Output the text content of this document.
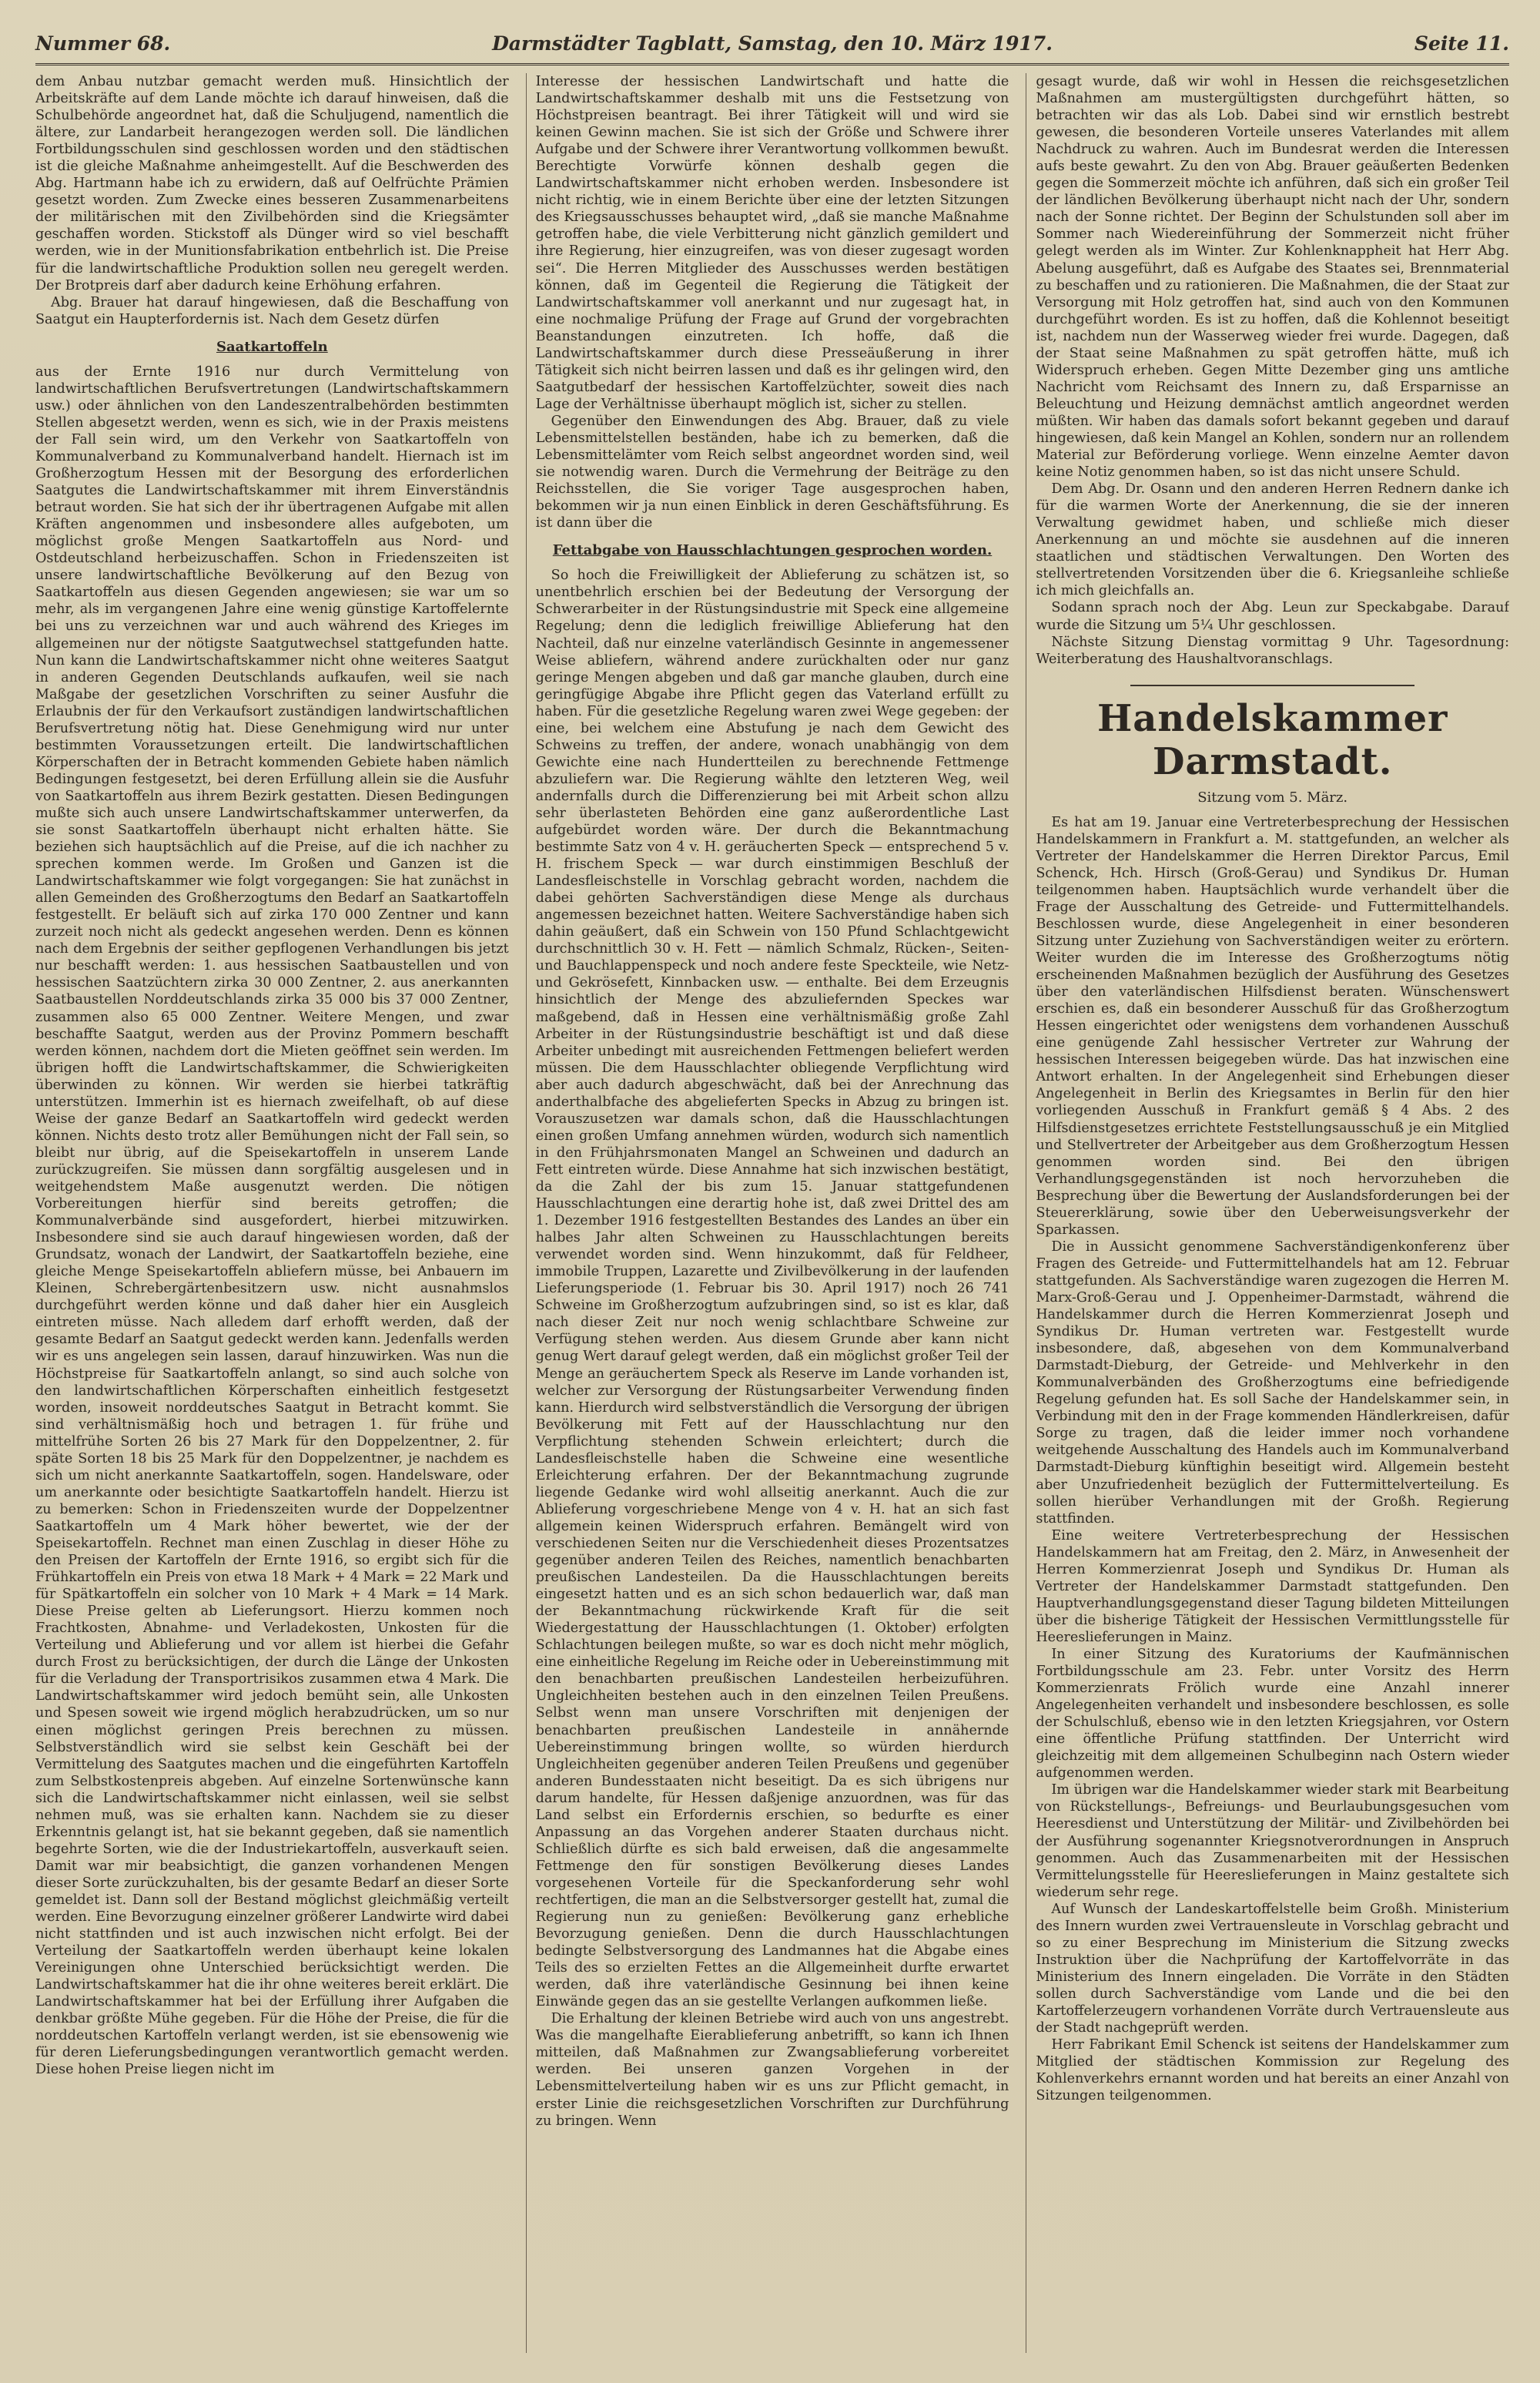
Nummer 68.	Darmstädter Tagblatt, Samstag, den 10. März 1917.	Seite 11.

dem Anbau nutzbar gemacht werden muß. Hinsichtlich der Arbeitskräfte auf dem Lande möchte ich darauf hinweisen, daß die Schulbehörde angeordnet hat, daß die Schuljugend, namentlich die ältere, zur Landarbeit herangezogen werden soll. Die ländlichen Fortbildungsschulen sind geschlossen worden und den städtischen ist die gleiche Maßnahme anheimgestellt. Auf die Beschwerden des Abg. Hartmann habe ich zu erwidern, daß auf Oelfrüchte Prämien gesetzt worden. Zum Zwecke eines besseren Zusammenarbeitens der militärischen mit den Zivilbehörden sind die Kriegsämter geschaffen worden. Stickstoff als Dünger wird so viel beschafft werden, wie in der Munitionsfabrikation entbehrlich ist. Die Preise für die landwirtschaftliche Produktion sollen neu geregelt werden. Der Brotpreis darf aber dadurch keine Erhöhung erfahren.

Abg. Brauer hat darauf hingewiesen, daß die Beschaffung von Saatgut ein Haupterfordernis ist. Nach dem Gesetz dürfen

Saatkartoffeln

aus der Ernte 1916 nur durch Vermittelung von landwirtschaftlichen Berufsvertretungen (Landwirtschaftskammern usw.) oder ähnlichen von den Landeszentralbehörden bestimmten Stellen abgesetzt werden, wenn es sich, wie in der Praxis meistens der Fall sein wird, um den Verkehr von Saatkartoffeln von Kommunalverband zu Kommunalverband handelt. Hiernach ist im Großherzogtum Hessen mit der Besorgung des erforderlichen Saatgutes die Landwirtschaftskammer mit ihrem Einverständnis betraut worden. Sie hat sich der ihr übertragenen Aufgabe mit allen Kräften angenommen und insbesondere alles aufgeboten, um möglichst große Mengen Saatkartoffeln aus Nord- und Ostdeutschland herbeizuschaffen. Schon in Friedenszeiten ist unsere landwirtschaftliche Bevölkerung auf den Bezug von Saatkartoffeln aus diesen Gegenden angewiesen; sie war um so mehr, als im vergangenen Jahre eine wenig günstige Kartoffelernte bei uns zu verzeichnen war und auch während des Krieges im allgemeinen nur der nötigste Saatgutwechsel stattgefunden hatte. Nun kann die Landwirtschaftskammer nicht ohne weiteres Saatgut in anderen Gegenden Deutschlands aufkaufen, weil sie nach Maßgabe der gesetzlichen Vorschriften zu seiner Ausfuhr die Erlaubnis der für den Verkaufsort zuständigen landwirtschaftlichen Berufsvertretung nötig hat. Diese Genehmigung wird nur unter bestimmten Voraussetzungen erteilt. Die landwirtschaftlichen Körperschaften der in Betracht kommenden Gebiete haben nämlich Bedingungen festgesetzt, bei deren Erfüllung allein sie die Ausfuhr von Saatkartoffeln aus ihrem Bezirk gestatten. Diesen Bedingungen mußte sich auch unsere Landwirtschaftskammer unterwerfen, da sie sonst Saatkartoffeln überhaupt nicht erhalten hätte. Sie beziehen sich hauptsächlich auf die Preise, auf die ich nachher zu sprechen kommen werde. Im Großen und Ganzen ist die Landwirtschaftskammer wie folgt vorgegangen: Sie hat zunächst in allen Gemeinden des Großherzogtums den Bedarf an Saatkartoffeln festgestellt. Er beläuft sich auf zirka 170 000 Zentner und kann zurzeit noch nicht als gedeckt angesehen werden. Denn es können nach dem Ergebnis der seither gepflogenen Verhandlungen bis jetzt nur beschafft werden: 1. aus hessischen Saatbaustellen und von hessischen Saatzüchtern zirka 30 000 Zentner, 2. aus anerkannten Saatbaustellen Norddeutschlands zirka 35 000 bis 37 000 Zentner, zusammen also 65 000 Zentner. Weitere Mengen, und zwar beschaffte Saatgut, werden aus der Provinz Pommern beschafft werden können, nachdem dort die Mieten geöffnet sein werden. Im übrigen hofft die Landwirtschaftskammer, die Schwierigkeiten überwinden zu können. Wir werden sie hierbei tatkräftig unterstützen. Immerhin ist es hiernach zweifelhaft, ob auf diese Weise der ganze Bedarf an Saatkartoffeln wird gedeckt werden können. Nichts desto trotz aller Bemühungen nicht der Fall sein, so bleibt nur übrig, auf die Speisekartoffeln in unserem Lande zurückzugreifen. Sie müssen dann sorgfältig ausgelesen und in weitgehendstem Maße ausgenutzt werden. Die nötigen Vorbereitungen hierfür sind bereits getroffen; die Kommunalverbände sind ausgefordert, hierbei mitzuwirken. Insbesondere sind sie auch darauf hingewiesen worden, daß der Grundsatz, wonach der Landwirt, der Saatkartoffeln beziehe, eine gleiche Menge Speisekartoffeln abliefern müsse, bei Anbauern im Kleinen, Schrebergärtenbesitzern usw. nicht ausnahmslos durchgeführt werden könne und daß daher hier ein Ausgleich eintreten müsse. Nach alledem darf erhofft werden, daß der gesamte Bedarf an Saatgut gedeckt werden kann. Jedenfalls werden wir es uns angelegen sein lassen, darauf hinzuwirken. Was nun die Höchstpreise für Saatkartoffeln anlangt, so sind auch solche von den landwirtschaftlichen Körperschaften einheitlich festgesetzt worden, insoweit norddeutsches Saatgut in Betracht kommt. Sie sind verhältnismäßig hoch und betragen 1. für frühe und mittelfrühe Sorten 26 bis 27 Mark für den Doppelzentner, 2. für späte Sorten 18 bis 25 Mark für den Doppelzentner, je nachdem es sich um nicht anerkannte Saatkartoffeln, sogen. Handelsware, oder um anerkannte oder besichtigte Saatkartoffeln handelt. Hierzu ist zu bemerken: Schon in Friedenszeiten wurde der Doppelzentner Saatkartoffeln um 4 Mark höher bewertet, wie der der Speisekartoffeln. Rechnet man einen Zuschlag in dieser Höhe zu den Preisen der Kartoffeln der Ernte 1916, so ergibt sich für die Frühkartoffeln ein Preis von etwa 18 Mark + 4 Mark = 22 Mark und für Spätkartoffeln ein solcher von 10 Mark + 4 Mark = 14 Mark. Diese Preise gelten ab Lieferungsort. Hierzu kommen noch Frachtkosten, Abnahme- und Verladekosten, Unkosten für die Verteilung und Ablieferung und vor allem ist hierbei die Gefahr durch Frost zu berücksichtigen, der durch die Länge der Unkosten für die Verladung der Transportrisikos zusammen etwa 4 Mark. Die Landwirtschaftskammer wird jedoch bemüht sein, alle Unkosten und Spesen soweit wie irgend möglich herabzudrücken, um so nur einen möglichst geringen Preis berechnen zu müssen. Selbstverständlich wird sie selbst kein Geschäft bei der Vermittelung des Saatgutes machen und die eingeführten Kartoffeln zum Selbstkostenpreis abgeben. Auf einzelne Sortenwünsche kann sich die Landwirtschaftskammer nicht einlassen, weil sie selbst nehmen muß, was sie erhalten kann. Nachdem sie zu dieser Erkenntnis gelangt ist, hat sie bekannt gegeben, daß sie namentlich begehrte Sorten, wie die der Industriekartoffeln, ausverkauft seien. Damit war mir beabsichtigt, die ganzen vorhandenen Mengen dieser Sorte zurückzuhalten, bis der gesamte Bedarf an dieser Sorte gemeldet ist. Dann soll der Bestand möglichst gleichmäßig verteilt werden. Eine Bevorzugung einzelner größerer Landwirte wird dabei nicht stattfinden und ist auch inzwischen nicht erfolgt. Bei der Verteilung der Saatkartoffeln werden überhaupt keine lokalen Vereinigungen ohne Unterschied berücksichtigt werden. Die Landwirtschaftskammer hat die ihr ohne weiteres bereit erklärt. Die Landwirtschaftskammer hat bei der Erfüllung ihrer Aufgaben die denkbar größte Mühe gegeben. Für die Höhe der Preise, die für die norddeutschen Kartoffeln verlangt werden, ist sie ebensowenig wie für deren Lieferungsbedingungen verantwortlich gemacht werden. Diese hohen Preise liegen nicht im

Interesse der hessischen Landwirtschaft und hatte die Landwirtschaftskammer deshalb mit uns die Festsetzung von Höchstpreisen beantragt. Bei ihrer Tätigkeit will und wird sie keinen Gewinn machen. Sie ist sich der Größe und Schwere ihrer Aufgabe und der Schwere ihrer Verantwortung vollkommen bewußt. Berechtigte Vorwürfe können deshalb gegen die Landwirtschaftskammer nicht erhoben werden. Insbesondere ist nicht richtig, wie in einem Berichte über eine der letzten Sitzungen des Kriegsausschusses behauptet wird, „daß sie manche Maßnahme getroffen habe, die viele Verbitterung nicht gänzlich gemildert und ihre Regierung, hier einzugreifen, was von dieser zugesagt worden sei“. Die Herren Mitglieder des Ausschusses werden bestätigen können, daß im Gegenteil die Regierung die Tätigkeit der Landwirtschaftskammer voll anerkannt und nur zugesagt hat, in eine nochmalige Prüfung der Frage auf Grund der vorgebrachten Beanstandungen einzutreten. Ich hoffe, daß die Landwirtschaftskammer durch diese Presseäußerung in ihrer Tätigkeit sich nicht beirren lassen und daß es ihr gelingen wird, den Saatgutbedarf der hessischen Kartoffelzüchter, soweit dies nach Lage der Verhältnisse überhaupt möglich ist, sicher zu stellen.

Gegenüber den Einwendungen des Abg. Brauer, daß zu viele Lebensmittelstellen beständen, habe ich zu bemerken, daß die Lebensmittelämter vom Reich selbst angeordnet worden sind, weil sie notwendig waren. Durch die Vermehrung der Beiträge zu den Reichsstellen, die Sie voriger Tage ausgesprochen haben, bekommen wir ja nun einen Einblick in deren Geschäftsführung. Es ist dann über die

Fettabgabe von Hausschlachtungen gesprochen worden.

So hoch die Freiwilligkeit der Ablieferung zu schätzen ist, so unentbehrlich erschien bei der Bedeutung der Versorgung der Schwerarbeiter in der Rüstungsindustrie mit Speck eine allgemeine Regelung; denn die lediglich freiwillige Ablieferung hat den Nachteil, daß nur einzelne vaterländisch Gesinnte in angemessener Weise abliefern, während andere zurückhalten oder nur ganz geringe Mengen abgeben und daß gar manche glauben, durch eine geringfügige Abgabe ihre Pflicht gegen das Vaterland erfüllt zu haben. Für die gesetzliche Regelung waren zwei Wege gegeben: der eine, bei welchem eine Abstufung je nach dem Gewicht des Schweins zu treffen, der andere, wonach unabhängig von dem Gewichte eine nach Hundertteilen zu berechnende Fettmenge abzuliefern war. Die Regierung wählte den letzteren Weg, weil andernfalls durch die Differenzierung bei mit Arbeit schon allzu sehr überlasteten Behörden eine ganz außerordentliche Last aufgebürdet worden wäre. Der durch die Bekanntmachung bestimmte Satz von 4 v. H. geräucherten Speck — entsprechend 5 v. H. frischem Speck — war durch einstimmigen Beschluß der Landesfleischstelle in Vorschlag gebracht worden, nachdem die dabei gehörten Sachverständigen diese Menge als durchaus angemessen bezeichnet hatten. Weitere Sachverständige haben sich dahin geäußert, daß ein Schwein von 150 Pfund Schlachtgewicht durchschnittlich 30 v. H. Fett — nämlich Schmalz, Rücken-, Seiten- und Bauchlappenspeck und noch andere feste Speckteile, wie Netz- und Gekrösefett, Kinnbacken usw. — enthalte. Bei dem Erzeugnis hinsichtlich der Menge des abzuliefernden Speckes war maßgebend, daß in Hessen eine verhältnismäßig große Zahl Arbeiter in der Rüstungsindustrie beschäftigt ist und daß diese Arbeiter unbedingt mit ausreichenden Fettmengen beliefert werden müssen. Die dem Hausschlachter obliegende Verpflichtung wird aber auch dadurch abgeschwächt, daß bei der Anrechnung das anderthalbfache des abgelieferten Specks in Abzug zu bringen ist. Vorauszusetzen war damals schon, daß die Hausschlachtungen einen großen Umfang annehmen würden, wodurch sich namentlich in den Frühjahrsmonaten Mangel an Schweinen und dadurch an Fett eintreten würde. Diese Annahme hat sich inzwischen bestätigt, da die Zahl der bis zum 15. Januar stattgefundenen Hausschlachtungen eine derartig hohe ist, daß zwei Drittel des am 1. Dezember 1916 festgestellten Bestandes des Landes an über ein halbes Jahr alten Schweinen zu Hausschlachtungen bereits verwendet worden sind. Wenn hinzukommt, daß für Feldheer, immobile Truppen, Lazarette und Zivilbevölkerung in der laufenden Lieferungsperiode (1. Februar bis 30. April 1917) noch 26 741 Schweine im Großherzogtum aufzubringen sind, so ist es klar, daß nach dieser Zeit nur noch wenig schlachtbare Schweine zur Verfügung stehen werden. Aus diesem Grunde aber kann nicht genug Wert darauf gelegt werden, daß ein möglichst großer Teil der Menge an geräuchertem Speck als Reserve im Lande vorhanden ist, welcher zur Versorgung der Rüstungsarbeiter Verwendung finden kann. Hierdurch wird selbstverständlich die Versorgung der übrigen Bevölkerung mit Fett auf der Hausschlachtung nur den Verpflichtung stehenden Schwein erleichtert; durch die Landesfleischstelle haben die Schweine eine wesentliche Erleichterung erfahren. Der der Bekanntmachung zugrunde liegende Gedanke wird wohl allseitig anerkannt. Auch die zur Ablieferung vorgeschriebene Menge von 4 v. H. hat an sich fast allgemein keinen Widerspruch erfahren. Bemängelt wird von verschiedenen Seiten nur die Verschiedenheit dieses Prozentsatzes gegenüber anderen Teilen des Reiches, namentlich benachbarten preußischen Landesteilen. Da die Hausschlachtungen bereits eingesetzt hatten und es an sich schon bedauerlich war, daß man der Bekanntmachung rückwirkende Kraft für die seit Wiedergestattung der Hausschlachtungen (1. Oktober) erfolgten Schlachtungen beilegen mußte, so war es doch nicht mehr möglich, eine einheitliche Regelung im Reiche oder in Uebereinstimmung mit den benachbarten preußischen Landesteilen herbeizuführen. Ungleichheiten bestehen auch in den einzelnen Teilen Preußens. Selbst wenn man unsere Vorschriften mit denjenigen der benachbarten preußischen Landesteile in annähernde Uebereinstimmung bringen wollte, so würden hierdurch Ungleichheiten gegenüber anderen Teilen Preußens und gegenüber anderen Bundesstaaten nicht beseitigt. Da es sich übrigens nur darum handelte, für Hessen daßjenige anzuordnen, was für das Land selbst ein Erfordernis erschien, so bedurfte es einer Anpassung an das Vorgehen anderer Staaten durchaus nicht. Schließlich dürfte es sich bald erweisen, daß die angesammelte Fettmenge den für sonstigen Bevölkerung dieses Landes vorgesehenen Vorteile für die Speckanforderung sehr wohl rechtfertigen, die man an die Selbstversorger gestellt hat, zumal die Regierung nun zu genießen: Bevölkerung ganz erhebliche Bevorzugung genießen. Denn die durch Hausschlachtungen bedingte Selbstversorgung des Landmannes hat die Abgabe eines Teils des so erzielten Fettes an die Allgemeinheit durfte erwartet werden, daß ihre vaterländische Gesinnung bei ihnen keine Einwände gegen das an sie gestellte Verlangen aufkommen ließe.

Die Erhaltung der kleinen Betriebe wird auch von uns angestrebt. Was die mangelhafte Eierablieferung anbetrifft, so kann ich Ihnen mitteilen, daß Maßnahmen zur Zwangsablieferung vorbereitet werden. Bei unseren ganzen Vorgehen in der Lebensmittelverteilung haben wir es uns zur Pflicht gemacht, in erster Linie die reichsgesetzlichen Vorschriften zur Durchführung zu bringen. Wenn

gesagt wurde, daß wir wohl in Hessen die reichsgesetzlichen Maßnahmen am mustergültigsten durchgeführt hätten, so betrachten wir das als Lob. Dabei sind wir ernstlich bestrebt gewesen, die besonderen Vorteile unseres Vaterlandes mit allem Nachdruck zu wahren. Auch im Bundesrat werden die Interessen aufs beste gewahrt. Zu den von Abg. Brauer geäußerten Bedenken gegen die Sommerzeit möchte ich anführen, daß sich ein großer Teil der ländlichen Bevölkerung überhaupt nicht nach der Uhr, sondern nach der Sonne richtet. Der Beginn der Schulstunden soll aber im Sommer nach Wiedereinführung der Sommerzeit nicht früher gelegt werden als im Winter. Zur Kohlenknappheit hat Herr Abg. Abelung ausgeführt, daß es Aufgabe des Staates sei, Brennmaterial zu beschaffen und zu rationieren. Die Maßnahmen, die der Staat zur Versorgung mit Holz getroffen hat, sind auch von den Kommunen durchgeführt worden. Es ist zu hoffen, daß die Kohlennot beseitigt ist, nachdem nun der Wasserweg wieder frei wurde. Dagegen, daß der Staat seine Maßnahmen zu spät getroffen hätte, muß ich Widerspruch erheben. Gegen Mitte Dezember ging uns amtliche Nachricht vom Reichsamt des Innern zu, daß Ersparnisse an Beleuchtung und Heizung demnächst amtlich angeordnet werden müßten. Wir haben das damals sofort bekannt gegeben und darauf hingewiesen, daß kein Mangel an Kohlen, sondern nur an rollendem Material zur Beförderung vorliege. Wenn einzelne Aemter davon keine Notiz genommen haben, so ist das nicht unsere Schuld.

Dem Abg. Dr. Osann und den anderen Herren Rednern danke ich für die warmen Worte der Anerkennung, die sie der inneren Verwaltung gewidmet haben, und schließe mich dieser Anerkennung an und möchte sie ausdehnen auf die inneren staatlichen und städtischen Verwaltungen. Den Worten des stellvertretenden Vorsitzenden über die 6. Kriegsanleihe schließe ich mich gleichfalls an.

Sodann sprach noch der Abg. Leun zur Speckabgabe. Darauf wurde die Sitzung um 5¼ Uhr geschlossen.

Nächste Sitzung Dienstag vormittag 9 Uhr. Tagesordnung: Weiterberatung des Haushaltvoranschlags.

Handelskammer Darmstadt.
Sitzung vom 5. März.

Es hat am 19. Januar eine Vertreterbesprechung der Hessischen Handelskammern in Frankfurt a. M. stattgefunden, an welcher als Vertreter der Handelskammer die Herren Direktor Parcus, Emil Schenck, Hch. Hirsch (Groß-Gerau) und Syndikus Dr. Human teilgenommen haben. Hauptsächlich wurde verhandelt über die Frage der Ausschaltung des Getreide- und Futtermittelhandels. Beschlossen wurde, diese Angelegenheit in einer besonderen Sitzung unter Zuziehung von Sachverständigen weiter zu erörtern. Weiter wurden die im Interesse des Großherzogtums nötig erscheinenden Maßnahmen bezüglich der Ausführung des Gesetzes über den vaterländischen Hilfsdienst beraten. Wünschenswert erschien es, daß ein besonderer Ausschuß für das Großherzogtum Hessen eingerichtet oder wenigstens dem vorhandenen Ausschuß eine genügende Zahl hessischer Vertreter zur Wahrung der hessischen Interessen beigegeben würde. Das hat inzwischen eine Antwort erhalten. In der Angelegenheit sind Erhebungen dieser Angelegenheit in Berlin des Kriegsamtes in Berlin für den hier vorliegenden Ausschuß in Frankfurt gemäß § 4 Abs. 2 des Hilfsdienstgesetzes errichtete Feststellungsausschuß je ein Mitglied und Stellvertreter der Arbeitgeber aus dem Großherzogtum Hessen genommen worden sind. Bei den übrigen Verhandlungsgegenständen ist noch hervorzuheben die Besprechung über die Bewertung der Auslandsforderungen bei der Steuererklärung, sowie über den Ueberweisungsverkehr der Sparkassen.

Die in Aussicht genommene Sachverständigenkonferenz über Fragen des Getreide- und Futtermittelhandels hat am 12. Februar stattgefunden. Als Sachverständige waren zugezogen die Herren M. Marx-Groß-Gerau und J. Oppenheimer-Darmstadt, während die Handelskammer durch die Herren Kommerzienrat Joseph und Syndikus Dr. Human vertreten war. Festgestellt wurde insbesondere, daß, abgesehen von dem Kommunalverband Darmstadt-Dieburg, der Getreide- und Mehlverkehr in den Kommunalverbänden des Großherzogtums eine befriedigende Regelung gefunden hat. Es soll Sache der Handelskammer sein, in Verbindung mit den in der Frage kommenden Händlerkreisen, dafür Sorge zu tragen, daß die leider immer noch vorhandene weitgehende Ausschaltung des Handels auch im Kommunalverband Darmstadt-Dieburg künftighin beseitigt wird. Allgemein besteht aber Unzufriedenheit bezüglich der Futtermittelverteilung. Es sollen hierüber Verhandlungen mit der Großh. Regierung stattfinden.

Eine weitere Vertreterbesprechung der Hessischen Handelskammern hat am Freitag, den 2. März, in Anwesenheit der Herren Kommerzienrat Joseph und Syndikus Dr. Human als Vertreter der Handelskammer Darmstadt stattgefunden. Den Hauptverhandlungsgegenstand dieser Tagung bildeten Mitteilungen über die bisherige Tätigkeit der Hessischen Vermittlungsstelle für Heereslieferungen in Mainz.

In einer Sitzung des Kuratoriums der Kaufmännischen Fortbildungsschule am 23. Febr. unter Vorsitz des Herrn Kommerzienrats Frölich wurde eine Anzahl innerer Angelegenheiten verhandelt und insbesondere beschlossen, es solle der Schulschluß, ebenso wie in den letzten Kriegsjahren, vor Ostern eine öffentliche Prüfung stattfinden. Der Unterricht wird gleichzeitig mit dem allgemeinen Schulbeginn nach Ostern wieder aufgenommen werden.

Im übrigen war die Handelskammer wieder stark mit Bearbeitung von Rückstellungs-, Befreiungs- und Beurlaubungsgesuchen vom Heeresdienst und Unterstützung der Militär- und Zivilbehörden bei der Ausführung sogenannter Kriegsnotverordnungen in Anspruch genommen. Auch das Zusammenarbeiten mit der Hessischen Vermittelungsstelle für Heereslieferungen in Mainz gestaltete sich wiederum sehr rege.

Auf Wunsch der Landeskartoffelstelle beim Großh. Ministerium des Innern wurden zwei Vertrauensleute in Vorschlag gebracht und so zu einer Besprechung im Ministerium die Sitzung zwecks Instruktion über die Nachprüfung der Kartoffelvorräte in das Ministerium des Innern eingeladen. Die Vorräte in den Städten sollen durch Sachverständige vom Lande und die bei den Kartoffelerzeugern vorhandenen Vorräte durch Vertrauensleute aus der Stadt nachgeprüft werden.

Herr Fabrikant Emil Schenck ist seitens der Handelskammer zum Mitglied der städtischen Kommission zur Regelung des Kohlenverkehrs ernannt worden und hat bereits an einer Anzahl von Sitzungen teilgenommen.
